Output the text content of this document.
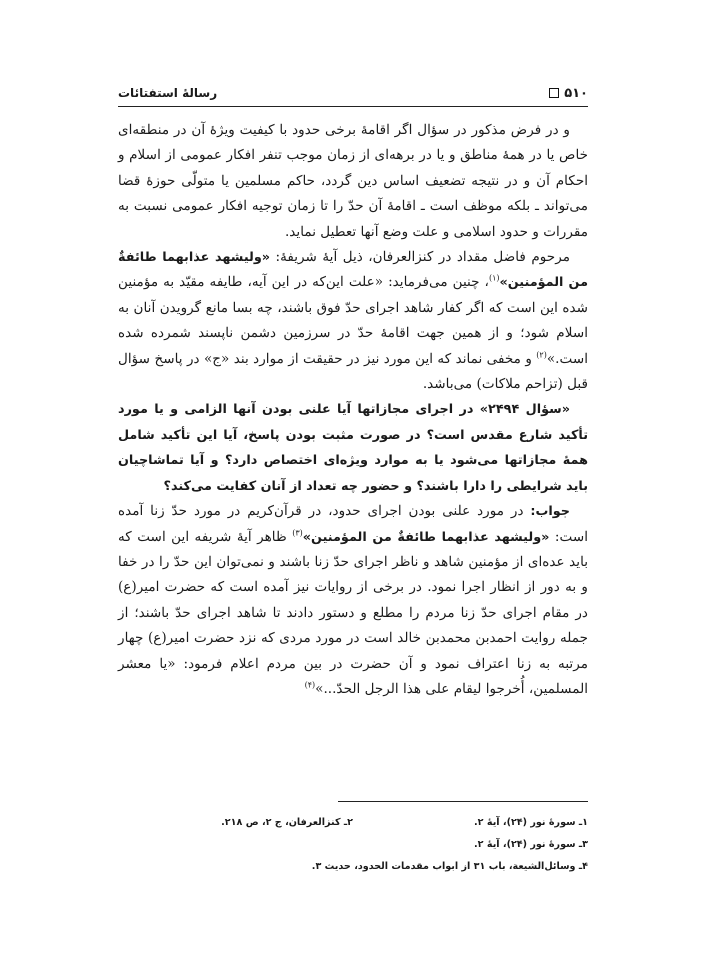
۵۱۰
رسالهٔ استفتائات

و در فرض مذکور در سؤال اگر اقامهٔ برخی حدود با کیفیت ویژهٔ آن در منطقه‌ای خاص یا در همهٔ مناطق و یا در برهه‌ای از زمان موجب تنفر افکار عمومی از اسلام و احکام آن و در نتیجه تضعیف اساس دین گردد، حاکم مسلمین یا متولّی حوزهٔ قضا می‌تواند ـ بلکه موظف است ـ اقامهٔ آن حدّ را تا زمان توجیه افکار عمومی نسبت به مقررات و حدود اسلامی و علت وضع آنها تعطیل نماید.

مرحوم فاضل مقداد در کنزالعرفان، ذیل آیهٔ شریفهٔ: «ولیشهد عذابهما طائفةٌ من المؤمنین»$^{(۱)}$، چنین می‌فرماید: «علت این‌که در این آیه، طایفه مقیّد به مؤمنین شده این است که اگر کفار شاهد اجرای حدّ فوق باشند، چه بسا مانع گرویدن آنان به اسلام شود؛ و از همین جهت اقامهٔ حدّ در سرزمین دشمن ناپسند شمرده شده است.»$^{(۲)}$ و مخفی نماند که این مورد نیز در حقیقت از موارد بند «ج» در پاسخ سؤال قبل (تزاحم ملاکات) می‌باشد.

«سؤال ۲۴۹۴» در اجرای مجازاتها آیا علنی بودن آنها الزامی و یا مورد تأکید شارع مقدس است؟ در صورت مثبت بودن پاسخ، آیا این تأکید شامل همهٔ مجازاتها می‌شود یا به موارد ویژه‌ای اختصاص دارد؟ و آیا تماشاچیان باید شرایطی را دارا باشند؟ و حضور چه تعداد از آنان کفایت می‌کند؟

جواب: در مورد علنی بودن اجرای حدود، در قرآن‌کریم در مورد حدّ زنا آمده است: «ولیشهد عذابهما طائفةٌ من المؤمنین»$^{(۳)}$ ظاهر آیهٔ شریفه این است که باید عده‌ای از مؤمنین شاهد و ناظر اجرای حدّ زنا باشند و نمی‌توان این حدّ را در خفا و به دور از انظار اجرا نمود. در برخی از روایات نیز آمده است که حضرت امیر(ع) در مقام اجرای حدّ زنا مردم را مطلع و دستور دادند تا شاهد اجرای حدّ باشند؛ از جمله روایت احمدبن محمدبن خالد است در مورد مردی که نزد حضرت امیر(ع) چهار مرتبه به زنا اعتراف نمود و آن حضرت در بین مردم اعلام فرمود: «یا معشر المسلمین، أُخرجوا لیقام علی هذا الرجل الحدّ...»$^{(۴)}$

۱ـ سورهٔ نور (۲۴)، آیهٔ ۲.
۲ـ کنزالعرفان، ج ۲، ص ۲۱۸.
۳ـ سورهٔ نور (۲۴)، آیهٔ ۲.
۴ـ وسائل‌الشیعة، باب ۳۱ از ابواب مقدمات الحدود، حدیث ۳.
